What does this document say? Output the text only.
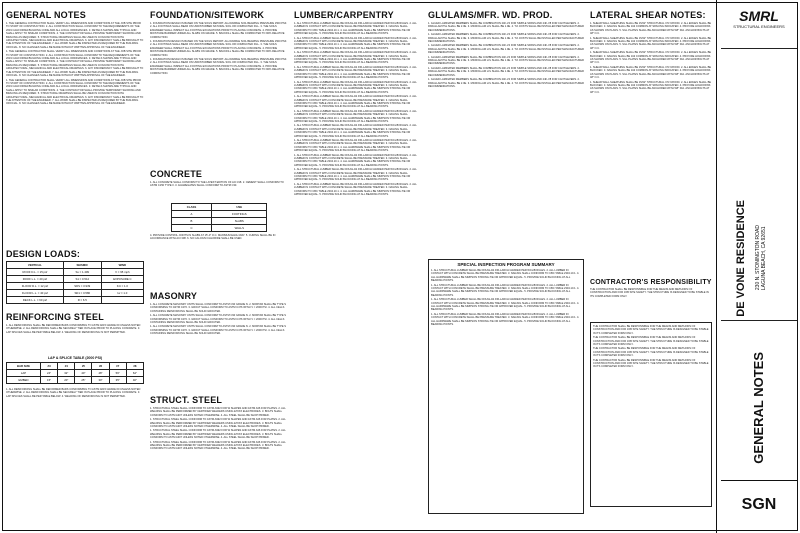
GENERAL NOTES

1. THE GENERAL CONTRACTOR SHALL VERIFY ALL DIMENSIONS AND CONDITIONS AT THE JOB SITE PRIOR TO START OF CONSTRUCTION. 2. ALL CONSTRUCTION SHALL CONFORM TO THE REQUIREMENTS OF THE 2019 CALIFORNIA BUILDING CODE AND ALL LOCAL ORDINANCES. 3. DETAILS SHOWN ARE TYPICAL AND SHALL APPLY TO SIMILAR CONDITIONS. 4. THE CONTRACTOR SHALL PROVIDE TEMPORARY SHORING AND BRACING AS REQUIRED. 5. STRUCTURAL DRAWINGS SHALL BE USED IN CONJUNCTION WITH ARCHITECTURAL, MECHANICAL AND ELECTRICAL DRAWINGS. 6. ANY DISCREPANCY SHALL BE BROUGHT TO THE ATTENTION OF THE ENGINEER. 7. ALL WORK SHALL BE INSPECTED AS REQUIRED BY THE BUILDING OFFICIAL. 8. NO CHANGES SHALL BE MADE WITHOUT WRITTEN APPROVAL OF THE ENGINEER.

1. THE GENERAL CONTRACTOR SHALL VERIFY ALL DIMENSIONS AND CONDITIONS AT THE JOB SITE PRIOR TO START OF CONSTRUCTION. 2. ALL CONSTRUCTION SHALL CONFORM TO THE REQUIREMENTS OF THE 2019 CALIFORNIA BUILDING CODE AND ALL LOCAL ORDINANCES. 3. DETAILS SHOWN ARE TYPICAL AND SHALL APPLY TO SIMILAR CONDITIONS. 4. THE CONTRACTOR SHALL PROVIDE TEMPORARY SHORING AND BRACING AS REQUIRED. 5. STRUCTURAL DRAWINGS SHALL BE USED IN CONJUNCTION WITH ARCHITECTURAL, MECHANICAL AND ELECTRICAL DRAWINGS. 6. ANY DISCREPANCY SHALL BE BROUGHT TO THE ATTENTION OF THE ENGINEER. 7. ALL WORK SHALL BE INSPECTED AS REQUIRED BY THE BUILDING OFFICIAL. 8. NO CHANGES SHALL BE MADE WITHOUT WRITTEN APPROVAL OF THE ENGINEER.

1. THE GENERAL CONTRACTOR SHALL VERIFY ALL DIMENSIONS AND CONDITIONS AT THE JOB SITE PRIOR TO START OF CONSTRUCTION. 2. ALL CONSTRUCTION SHALL CONFORM TO THE REQUIREMENTS OF THE 2019 CALIFORNIA BUILDING CODE AND ALL LOCAL ORDINANCES. 3. DETAILS SHOWN ARE TYPICAL AND SHALL APPLY TO SIMILAR CONDITIONS. 4. THE CONTRACTOR SHALL PROVIDE TEMPORARY SHORING AND BRACING AS REQUIRED. 5. STRUCTURAL DRAWINGS SHALL BE USED IN CONJUNCTION WITH ARCHITECTURAL, MECHANICAL AND ELECTRICAL DRAWINGS. 6. ANY DISCREPANCY SHALL BE BROUGHT TO THE ATTENTION OF THE ENGINEER. 7. ALL WORK SHALL BE INSPECTED AS REQUIRED BY THE BUILDING OFFICIAL. 8. NO CHANGES SHALL BE MADE WITHOUT WRITTEN APPROVAL OF THE ENGINEER.

DESIGN LOADS:
VERTICAL	SEISMIC	WIND
ROOF D.L. = 15 psf	Ss = 1.409	V = 95 mph
ROOF L.L. = 20 psf	S1 = 0.512	EXPOSURE C
FLOOR D.L. = 12 psf	SDS = 0.939	Kzt = 1.0
FLOOR L.L. = 40 psf	SD1 = 0.580	Iw = 1.0
DECK L.L. = 60 psf	R = 6.5	
REINFORCING STEEL
1. ALL REINFORCING SHALL BE DEFORMED BARS CONFORMING TO ASTM A615 GRADE 60 UNLESS NOTED OTHERWISE. 2. ALL REINFORCING SHALL BE SECURELY TIED IN PLACE PRIOR TO PLACING CONCRETE. 3. LAP SPLICES SHALL BE PER TABLE BELOW. 4. WELDING OF REINFORCING IS NOT PERMITTED.
LAP & SPLICE TABLE (2000 PSI)
BAR SIZE	#3	#4	#5	#6	#7	#8
LAP	24"	32"	40"	48"	56"	64"
EMBED	15"	20"	25"	30"	35"	40"
1. ALL REINFORCING SHALL BE DEFORMED BARS CONFORMING TO ASTM A615 GRADE 60 UNLESS NOTED OTHERWISE. 2. ALL REINFORCING SHALL BE SECURELY TIED IN PLACE PRIOR TO PLACING CONCRETE. 3. LAP SPLICES SHALL BE PER TABLE BELOW. 4. WELDING OF REINFORCING IS NOT PERMITTED.
FOUNDATION/SITEWORK

1. FOUNDATION DESIGN IS BASED ON THE SOILS REPORT. ALLOWABLE SOIL BEARING PRESSURE 1500 PSF. 2. ALL FOOTINGS SHALL BEAR ON UNDISTURBED NATURAL SOIL OR COMPACTED FILL. 3. THE SOILS ENGINEER SHALL INSPECT ALL FOOTING EXCAVATIONS PRIOR TO PLACING CONCRETE. 4. PROVIDE MOISTURE BARRIER UNDER ALL SLABS ON GRADE. 5. BACKFILL SHALL BE COMPACTED TO 90% RELATIVE COMPACTION.

1. FOUNDATION DESIGN IS BASED ON THE SOILS REPORT. ALLOWABLE SOIL BEARING PRESSURE 1500 PSF. 2. ALL FOOTINGS SHALL BEAR ON UNDISTURBED NATURAL SOIL OR COMPACTED FILL. 3. THE SOILS ENGINEER SHALL INSPECT ALL FOOTING EXCAVATIONS PRIOR TO PLACING CONCRETE. 4. PROVIDE MOISTURE BARRIER UNDER ALL SLABS ON GRADE. 5. BACKFILL SHALL BE COMPACTED TO 90% RELATIVE COMPACTION.

1. FOUNDATION DESIGN IS BASED ON THE SOILS REPORT. ALLOWABLE SOIL BEARING PRESSURE 1500 PSF. 2. ALL FOOTINGS SHALL BEAR ON UNDISTURBED NATURAL SOIL OR COMPACTED FILL. 3. THE SOILS ENGINEER SHALL INSPECT ALL FOOTING EXCAVATIONS PRIOR TO PLACING CONCRETE. 4. PROVIDE MOISTURE BARRIER UNDER ALL SLABS ON GRADE. 5. BACKFILL SHALL BE COMPACTED TO 90% RELATIVE COMPACTION.

CONCRETE
1. ALL CONCRETE SHALL CONFORM TO THE LATEST EDITION OF ACI 318. 2. CEMENT SHALL CONFORM TO ASTM C150 TYPE II. 3. AGGREGATES SHALL CONFORM TO ASTM C33.
CLASS	USE
A	FOOTINGS
B	SLABS
C	WALLS
4. PROVIDE CONTROL JOINTS IN SLABS AT 15'-0" O.C. MAXIMUM EACH WAY. 5. CURING SHALL BE IN ACCORDANCE WITH ACI 308. 6. NO CALCIUM CHLORIDE SHALL BE USED.
MASONRY

1. ALL CONCRETE MASONRY UNITS SHALL CONFORM TO ASTM C90 GRADE N. 2. MORTAR SHALL BE TYPE S CONFORMING TO ASTM C270. 3. GROUT SHALL CONFORM TO ASTM C476 WITH f'c = 2000 PSI. 4. ALL CELLS CONTAINING REINFORCING SHALL BE SOLID GROUTED.

1. ALL CONCRETE MASONRY UNITS SHALL CONFORM TO ASTM C90 GRADE N. 2. MORTAR SHALL BE TYPE S CONFORMING TO ASTM C270. 3. GROUT SHALL CONFORM TO ASTM C476 WITH f'c = 2000 PSI. 4. ALL CELLS CONTAINING REINFORCING SHALL BE SOLID GROUTED.

1. ALL CONCRETE MASONRY UNITS SHALL CONFORM TO ASTM C90 GRADE N. 2. MORTAR SHALL BE TYPE S CONFORMING TO ASTM C270. 3. GROUT SHALL CONFORM TO ASTM C476 WITH f'c = 2000 PSI. 4. ALL CELLS CONTAINING REINFORCING SHALL BE SOLID GROUTED.

STRUCT. STEEL

1. STRUCTURAL STEEL SHALL CONFORM TO ASTM A992 FOR W SHAPES AND ASTM A36 FOR PLATES. 2. ALL WELDING SHALL BE PERFORMED BY CERTIFIED WELDERS USING E70XX ELECTRODES. 3. BOLTS SHALL CONFORM TO ASTM A307 UNLESS NOTED OTHERWISE. 4. ALL STEEL SHALL BE SHOP PRIMED.

1. STRUCTURAL STEEL SHALL CONFORM TO ASTM A992 FOR W SHAPES AND ASTM A36 FOR PLATES. 2. ALL WELDING SHALL BE PERFORMED BY CERTIFIED WELDERS USING E70XX ELECTRODES. 3. BOLTS SHALL CONFORM TO ASTM A307 UNLESS NOTED OTHERWISE. 4. ALL STEEL SHALL BE SHOP PRIMED.

1. STRUCTURAL STEEL SHALL CONFORM TO ASTM A992 FOR W SHAPES AND ASTM A36 FOR PLATES. 2. ALL WELDING SHALL BE PERFORMED BY CERTIFIED WELDERS USING E70XX ELECTRODES. 3. BOLTS SHALL CONFORM TO ASTM A307 UNLESS NOTED OTHERWISE. 4. ALL STEEL SHALL BE SHOP PRIMED.

1. STRUCTURAL STEEL SHALL CONFORM TO ASTM A992 FOR W SHAPES AND ASTM A36 FOR PLATES. 2. ALL WELDING SHALL BE PERFORMED BY CERTIFIED WELDERS USING E70XX ELECTRODES. 3. BOLTS SHALL CONFORM TO ASTM A307 UNLESS NOTED OTHERWISE. 4. ALL STEEL SHALL BE SHOP PRIMED.

LUMBER/CARPENTRY

1. ALL STRUCTURAL LUMBER SHALL BE DOUGLAS FIR-LARCH GRADED PER WCLIB RULES. 2. ALL LUMBER IN CONTACT WITH CONCRETE SHALL BE PRESSURE TREATED. 3. NAILING SHALL CONFORM TO CBC TABLE 2304.10.1. 4. ALL HARDWARE SHALL BE SIMPSON STRONG-TIE OR APPROVED EQUAL. 5. PROVIDE SOLID BLOCKING AT ALL BEARING POINTS.

1. ALL STRUCTURAL LUMBER SHALL BE DOUGLAS FIR-LARCH GRADED PER WCLIB RULES. 2. ALL LUMBER IN CONTACT WITH CONCRETE SHALL BE PRESSURE TREATED. 3. NAILING SHALL CONFORM TO CBC TABLE 2304.10.1. 4. ALL HARDWARE SHALL BE SIMPSON STRONG-TIE OR APPROVED EQUAL. 5. PROVIDE SOLID BLOCKING AT ALL BEARING POINTS.

1. ALL STRUCTURAL LUMBER SHALL BE DOUGLAS FIR-LARCH GRADED PER WCLIB RULES. 2. ALL LUMBER IN CONTACT WITH CONCRETE SHALL BE PRESSURE TREATED. 3. NAILING SHALL CONFORM TO CBC TABLE 2304.10.1. 4. ALL HARDWARE SHALL BE SIMPSON STRONG-TIE OR APPROVED EQUAL. 5. PROVIDE SOLID BLOCKING AT ALL BEARING POINTS.

1. ALL STRUCTURAL LUMBER SHALL BE DOUGLAS FIR-LARCH GRADED PER WCLIB RULES. 2. ALL LUMBER IN CONTACT WITH CONCRETE SHALL BE PRESSURE TREATED. 3. NAILING SHALL CONFORM TO CBC TABLE 2304.10.1. 4. ALL HARDWARE SHALL BE SIMPSON STRONG-TIE OR APPROVED EQUAL. 5. PROVIDE SOLID BLOCKING AT ALL BEARING POINTS.

1. ALL STRUCTURAL LUMBER SHALL BE DOUGLAS FIR-LARCH GRADED PER WCLIB RULES. 2. ALL LUMBER IN CONTACT WITH CONCRETE SHALL BE PRESSURE TREATED. 3. NAILING SHALL CONFORM TO CBC TABLE 2304.10.1. 4. ALL HARDWARE SHALL BE SIMPSON STRONG-TIE OR APPROVED EQUAL. 5. PROVIDE SOLID BLOCKING AT ALL BEARING POINTS.

1. ALL STRUCTURAL LUMBER SHALL BE DOUGLAS FIR-LARCH GRADED PER WCLIB RULES. 2. ALL LUMBER IN CONTACT WITH CONCRETE SHALL BE PRESSURE TREATED. 3. NAILING SHALL CONFORM TO CBC TABLE 2304.10.1. 4. ALL HARDWARE SHALL BE SIMPSON STRONG-TIE OR APPROVED EQUAL. 5. PROVIDE SOLID BLOCKING AT ALL BEARING POINTS.

1. ALL STRUCTURAL LUMBER SHALL BE DOUGLAS FIR-LARCH GRADED PER WCLIB RULES. 2. ALL LUMBER IN CONTACT WITH CONCRETE SHALL BE PRESSURE TREATED. 3. NAILING SHALL CONFORM TO CBC TABLE 2304.10.1. 4. ALL HARDWARE SHALL BE SIMPSON STRONG-TIE OR APPROVED EQUAL. 5. PROVIDE SOLID BLOCKING AT ALL BEARING POINTS.

1. ALL STRUCTURAL LUMBER SHALL BE DOUGLAS FIR-LARCH GRADED PER WCLIB RULES. 2. ALL LUMBER IN CONTACT WITH CONCRETE SHALL BE PRESSURE TREATED. 3. NAILING SHALL CONFORM TO CBC TABLE 2304.10.1. 4. ALL HARDWARE SHALL BE SIMPSON STRONG-TIE OR APPROVED EQUAL. 5. PROVIDE SOLID BLOCKING AT ALL BEARING POINTS.

1. ALL STRUCTURAL LUMBER SHALL BE DOUGLAS FIR-LARCH GRADED PER WCLIB RULES. 2. ALL LUMBER IN CONTACT WITH CONCRETE SHALL BE PRESSURE TREATED. 3. NAILING SHALL CONFORM TO CBC TABLE 2304.10.1. 4. ALL HARDWARE SHALL BE SIMPSON STRONG-TIE OR APPROVED EQUAL. 5. PROVIDE SOLID BLOCKING AT ALL BEARING POINTS.

1. ALL STRUCTURAL LUMBER SHALL BE DOUGLAS FIR-LARCH GRADED PER WCLIB RULES. 2. ALL LUMBER IN CONTACT WITH CONCRETE SHALL BE PRESSURE TREATED. 3. NAILING SHALL CONFORM TO CBC TABLE 2304.10.1. 4. ALL HARDWARE SHALL BE SIMPSON STRONG-TIE OR APPROVED EQUAL. 5. PROVIDE SOLID BLOCKING AT ALL BEARING POINTS.

1. ALL STRUCTURAL LUMBER SHALL BE DOUGLAS FIR-LARCH GRADED PER WCLIB RULES. 2. ALL LUMBER IN CONTACT WITH CONCRETE SHALL BE PRESSURE TREATED. 3. NAILING SHALL CONFORM TO CBC TABLE 2304.10.1. 4. ALL HARDWARE SHALL BE SIMPSON STRONG-TIE OR APPROVED EQUAL. 5. PROVIDE SOLID BLOCKING AT ALL BEARING POINTS.

1. ALL STRUCTURAL LUMBER SHALL BE DOUGLAS FIR-LARCH GRADED PER WCLIB RULES. 2. ALL LUMBER IN CONTACT WITH CONCRETE SHALL BE PRESSURE TREATED. 3. NAILING SHALL CONFORM TO CBC TABLE 2304.10.1. 4. ALL HARDWARE SHALL BE SIMPSON STRONG-TIE OR APPROVED EQUAL. 5. PROVIDE SOLID BLOCKING AT ALL BEARING POINTS.

GLULAMS/MFR. WD. PROD.

1. GLUED LAMINATED MEMBERS SHALL BE COMBINATION 24F-V4 FOR SIMPLE SPANS AND 24F-V8 FOR CANTILEVERS. 2. PARALLAM PSL SHALL BE 2.0E. 3. MICROLLAM LVL SHALL BE 1.9E. 4. TJI JOISTS SHALL BE INSTALLED PER MANUFACTURER RECOMMENDATIONS.

1. GLUED LAMINATED MEMBERS SHALL BE COMBINATION 24F-V4 FOR SIMPLE SPANS AND 24F-V8 FOR CANTILEVERS. 2. PARALLAM PSL SHALL BE 2.0E. 3. MICROLLAM LVL SHALL BE 1.9E. 4. TJI JOISTS SHALL BE INSTALLED PER MANUFACTURER RECOMMENDATIONS.

1. GLUED LAMINATED MEMBERS SHALL BE COMBINATION 24F-V4 FOR SIMPLE SPANS AND 24F-V8 FOR CANTILEVERS. 2. PARALLAM PSL SHALL BE 2.0E. 3. MICROLLAM LVL SHALL BE 1.9E. 4. TJI JOISTS SHALL BE INSTALLED PER MANUFACTURER RECOMMENDATIONS.

1. GLUED LAMINATED MEMBERS SHALL BE COMBINATION 24F-V4 FOR SIMPLE SPANS AND 24F-V8 FOR CANTILEVERS. 2. PARALLAM PSL SHALL BE 2.0E. 3. MICROLLAM LVL SHALL BE 1.9E. 4. TJI JOISTS SHALL BE INSTALLED PER MANUFACTURER RECOMMENDATIONS.

1. GLUED LAMINATED MEMBERS SHALL BE COMBINATION 24F-V4 FOR SIMPLE SPANS AND 24F-V8 FOR CANTILEVERS. 2. PARALLAM PSL SHALL BE 2.0E. 3. MICROLLAM LVL SHALL BE 1.9E. 4. TJI JOISTS SHALL BE INSTALLED PER MANUFACTURER RECOMMENDATIONS.

1. GLUED LAMINATED MEMBERS SHALL BE COMBINATION 24F-V4 FOR SIMPLE SPANS AND 24F-V8 FOR CANTILEVERS. 2. PARALLAM PSL SHALL BE 2.0E. 3. MICROLLAM LVL SHALL BE 1.9E. 4. TJI JOISTS SHALL BE INSTALLED PER MANUFACTURER RECOMMENDATIONS.

SPECIAL INSPECTION PROGRAM SUMMARY

1. ALL STRUCTURAL LUMBER SHALL BE DOUGLAS FIR-LARCH GRADED PER WCLIB RULES. 2. ALL LUMBER IN CONTACT WITH CONCRETE SHALL BE PRESSURE TREATED. 3. NAILING SHALL CONFORM TO CBC TABLE 2304.10.1. 4. ALL HARDWARE SHALL BE SIMPSON STRONG-TIE OR APPROVED EQUAL. 5. PROVIDE SOLID BLOCKING AT ALL BEARING POINTS.

1. ALL STRUCTURAL LUMBER SHALL BE DOUGLAS FIR-LARCH GRADED PER WCLIB RULES. 2. ALL LUMBER IN CONTACT WITH CONCRETE SHALL BE PRESSURE TREATED. 3. NAILING SHALL CONFORM TO CBC TABLE 2304.10.1. 4. ALL HARDWARE SHALL BE SIMPSON STRONG-TIE OR APPROVED EQUAL. 5. PROVIDE SOLID BLOCKING AT ALL BEARING POINTS.

1. ALL STRUCTURAL LUMBER SHALL BE DOUGLAS FIR-LARCH GRADED PER WCLIB RULES. 2. ALL LUMBER IN CONTACT WITH CONCRETE SHALL BE PRESSURE TREATED. 3. NAILING SHALL CONFORM TO CBC TABLE 2304.10.1. 4. ALL HARDWARE SHALL BE SIMPSON STRONG-TIE OR APPROVED EQUAL. 5. PROVIDE SOLID BLOCKING AT ALL BEARING POINTS.

1. ALL STRUCTURAL LUMBER SHALL BE DOUGLAS FIR-LARCH GRADED PER WCLIB RULES. 2. ALL LUMBER IN CONTACT WITH CONCRETE SHALL BE PRESSURE TREATED. 3. NAILING SHALL CONFORM TO CBC TABLE 2304.10.1. 4. ALL HARDWARE SHALL BE SIMPSON STRONG-TIE OR APPROVED EQUAL. 5. PROVIDE SOLID BLOCKING AT ALL BEARING POINTS.

LATERAL SHEAR NOTES:

1. SHEAR WALL SHEATHING SHALL BE 15/32" STRUCTURAL I PLYWOOD. 2. ALL EDGES SHALL BE BLOCKED. 3. NAILING SHALL BE 10d COMMON AT SPACING INDICATED. 4. PROVIDE HOLDOWNS AS SHOWN ON PLANS. 5. SILL PLATES SHALL BE ANCHORED WITH 5/8" DIA. ANCHOR BOLTS AT 48" O.C.

1. SHEAR WALL SHEATHING SHALL BE 15/32" STRUCTURAL I PLYWOOD. 2. ALL EDGES SHALL BE BLOCKED. 3. NAILING SHALL BE 10d COMMON AT SPACING INDICATED. 4. PROVIDE HOLDOWNS AS SHOWN ON PLANS. 5. SILL PLATES SHALL BE ANCHORED WITH 5/8" DIA. ANCHOR BOLTS AT 48" O.C.

1. SHEAR WALL SHEATHING SHALL BE 15/32" STRUCTURAL I PLYWOOD. 2. ALL EDGES SHALL BE BLOCKED. 3. NAILING SHALL BE 10d COMMON AT SPACING INDICATED. 4. PROVIDE HOLDOWNS AS SHOWN ON PLANS. 5. SILL PLATES SHALL BE ANCHORED WITH 5/8" DIA. ANCHOR BOLTS AT 48" O.C.

1. SHEAR WALL SHEATHING SHALL BE 15/32" STRUCTURAL I PLYWOOD. 2. ALL EDGES SHALL BE BLOCKED. 3. NAILING SHALL BE 10d COMMON AT SPACING INDICATED. 4. PROVIDE HOLDOWNS AS SHOWN ON PLANS. 5. SILL PLATES SHALL BE ANCHORED WITH 5/8" DIA. ANCHOR BOLTS AT 48" O.C.

1. SHEAR WALL SHEATHING SHALL BE 15/32" STRUCTURAL I PLYWOOD. 2. ALL EDGES SHALL BE BLOCKED. 3. NAILING SHALL BE 10d COMMON AT SPACING INDICATED. 4. PROVIDE HOLDOWNS AS SHOWN ON PLANS. 5. SILL PLATES SHALL BE ANCHORED WITH 5/8" DIA. ANCHOR BOLTS AT 48" O.C.

CONTRACTOR'S RESPONSIBILITY
THE CONTRACTOR SHALL BE RESPONSIBLE FOR THE MEANS AND METHODS OF CONSTRUCTION AND FOR JOB SITE SAFETY. THE STRUCTURE IS DESIGNED TO BE STABLE IN ITS COMPLETED FORM ONLY.

THE CONTRACTOR SHALL BE RESPONSIBLE FOR THE MEANS AND METHODS OF CONSTRUCTION AND FOR JOB SITE SAFETY. THE STRUCTURE IS DESIGNED TO BE STABLE IN ITS COMPLETED FORM ONLY.

THE CONTRACTOR SHALL BE RESPONSIBLE FOR THE MEANS AND METHODS OF CONSTRUCTION AND FOR JOB SITE SAFETY. THE STRUCTURE IS DESIGNED TO BE STABLE IN ITS COMPLETED FORM ONLY.

THE CONTRACTOR SHALL BE RESPONSIBLE FOR THE MEANS AND METHODS OF CONSTRUCTION AND FOR JOB SITE SAFETY. THE STRUCTURE IS DESIGNED TO BE STABLE IN ITS COMPLETED FORM ONLY.

THE CONTRACTOR SHALL BE RESPONSIBLE FOR THE MEANS AND METHODS OF CONSTRUCTION AND FOR JOB SITE SAFETY. THE STRUCTURE IS DESIGNED TO BE STABLE IN ITS COMPLETED FORM ONLY.

SMRL
STRUCTURAL ENGINEERS
DE VONE RESIDENCE 230 N. STONINGTON ROAD
LAGUNA BEACH, CA 92651
GENERAL NOTES
SGN
